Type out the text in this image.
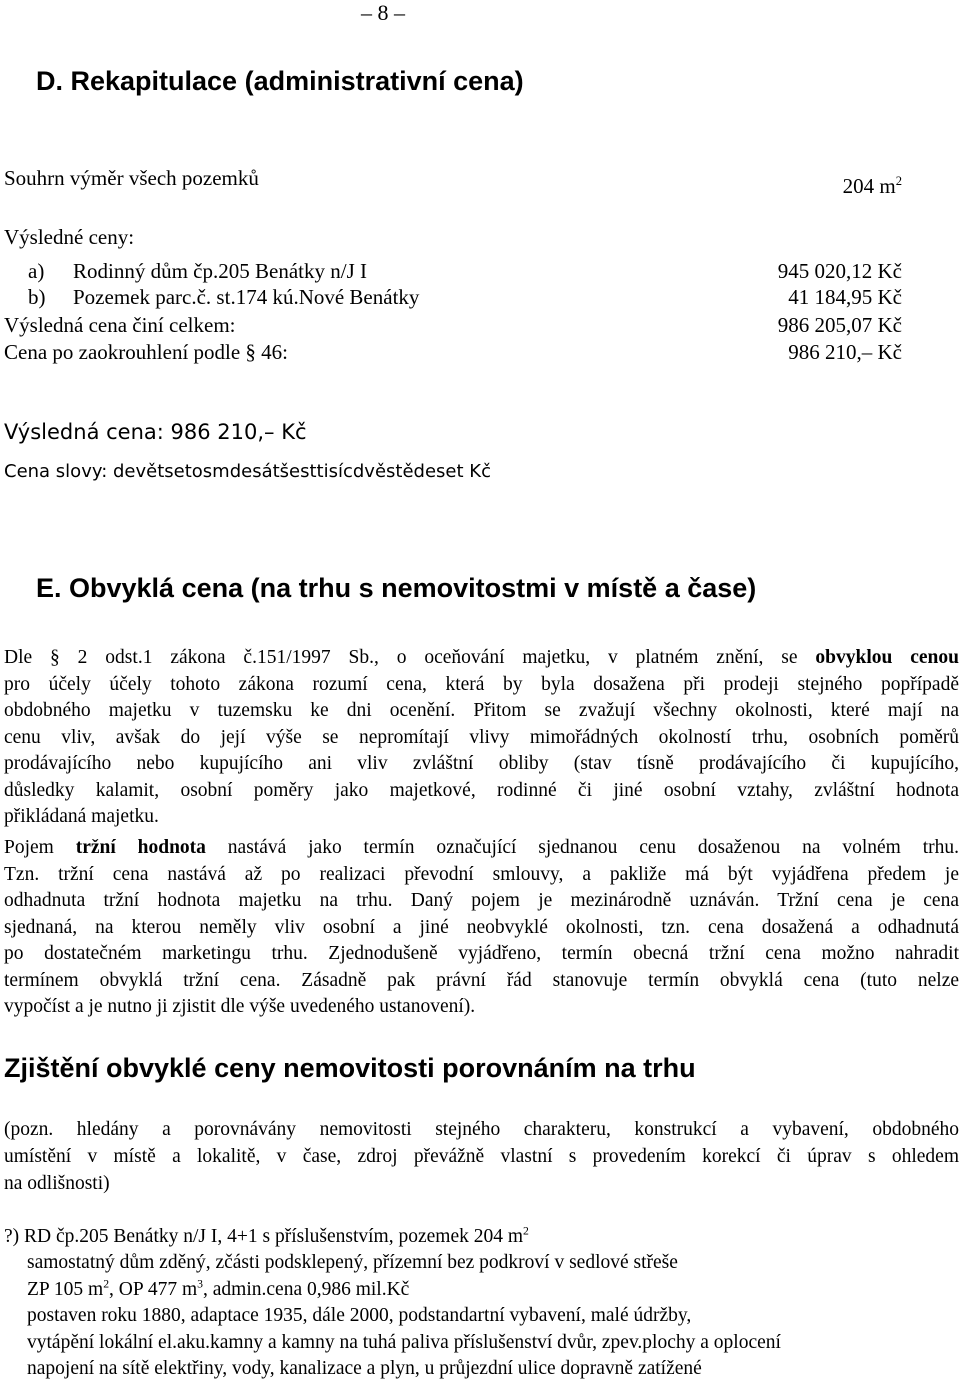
– 8 –
D. Rekapitulace (administrativní cena)
Souhrn výměr všech pozemků	204 $m^2$
Výsledné ceny:
a) Rodinný dům čp.205 Benátky n/J I	945 020,12 Kč
b) Pozemek parc.č. st.174 kú.Nové Benátky	41 184,95 Kč
Výsledná cena činí celkem:	986 205,07 Kč
Cena po zaokrouhlení podle § 46:	986 210,– Kč
Výsledná cena: 986 210,– Kč
Cena slovy: devětsetosmdesátšesttisícdvěstědeset Kč
E. Obvyklá cena (na trhu s nemovitostmi v místě a čase)
Dle § 2 odst.1 zákona č.151/1997 Sb., o oceňování majetku, v platném znění, se obvyklou cenou
pro účely účely tohoto zákona rozumí cena, která by byla dosažena při prodeji stejného popřípadě
obdobného majetku v tuzemsku ke dni ocenění. Přitom se zvažují všechny okolnosti, které mají na
cenu vliv, avšak do její výše se nepromítají vlivy mimořádných okolností trhu, osobních poměrů
prodávajícího nebo kupujícího ani vliv zvláštní obliby (stav tísně prodávajícího či kupujícího,
důsledky kalamit, osobní poměry jako majetkové, rodinné či jiné osobní vztahy, zvláštní hodnota
přikládaná majetku.
Pojem tržní hodnota nastává jako termín označující sjednanou cenu dosaženou na volném trhu.
Tzn. tržní cena nastává až po realizaci převodní smlouvy, a pakliže má být vyjádřena předem je
odhadnuta tržní hodnota majetku na trhu. Daný pojem je mezinárodně uznáván. Tržní cena je cena
sjednaná, na kterou neměly vliv osobní a jiné neobvyklé okolnosti, tzn. cena dosažená a odhadnutá
po dostatečném marketingu trhu. Zjednodušeně vyjádřeno, termín obecná tržní cena možno nahradit
termínem obvyklá tržní cena. Zásadně pak právní řád stanovuje termín obvyklá cena (tuto nelze
vypočíst a je nutno ji zjistit dle výše uvedeného ustanovení).
Zjištění obvyklé ceny nemovitosti porovnáním na trhu
(pozn. hledány a porovnávány nemovitosti stejného charakteru, konstrukcí a vybavení, obdobného
umístění v místě a lokalitě, v čase, zdroj převážně vlastní s provedením korekcí či úprav s ohledem
na odlišnosti)
?) RD čp.205 Benátky n/J I, 4+1 s příslušenstvím, pozemek 204 $m^2$
samostatný dům zděný, zčásti podsklepený, přízemní bez podkroví v sedlové střeše
ZP 105 $m^2$, OP 477 $m^3$, admin.cena 0,986 mil.Kč
postaven roku 1880, adaptace 1935, dále 2000, podstandartní vybavení, malé údržby,
vytápění lokální el.aku.kamny a kamny na tuhá paliva příslušenství dvůr, zpev.plochy a oplocení
napojení na sítě elektřiny, vody, kanalizace a plyn, u průjezdní ulice dopravně zatížené
